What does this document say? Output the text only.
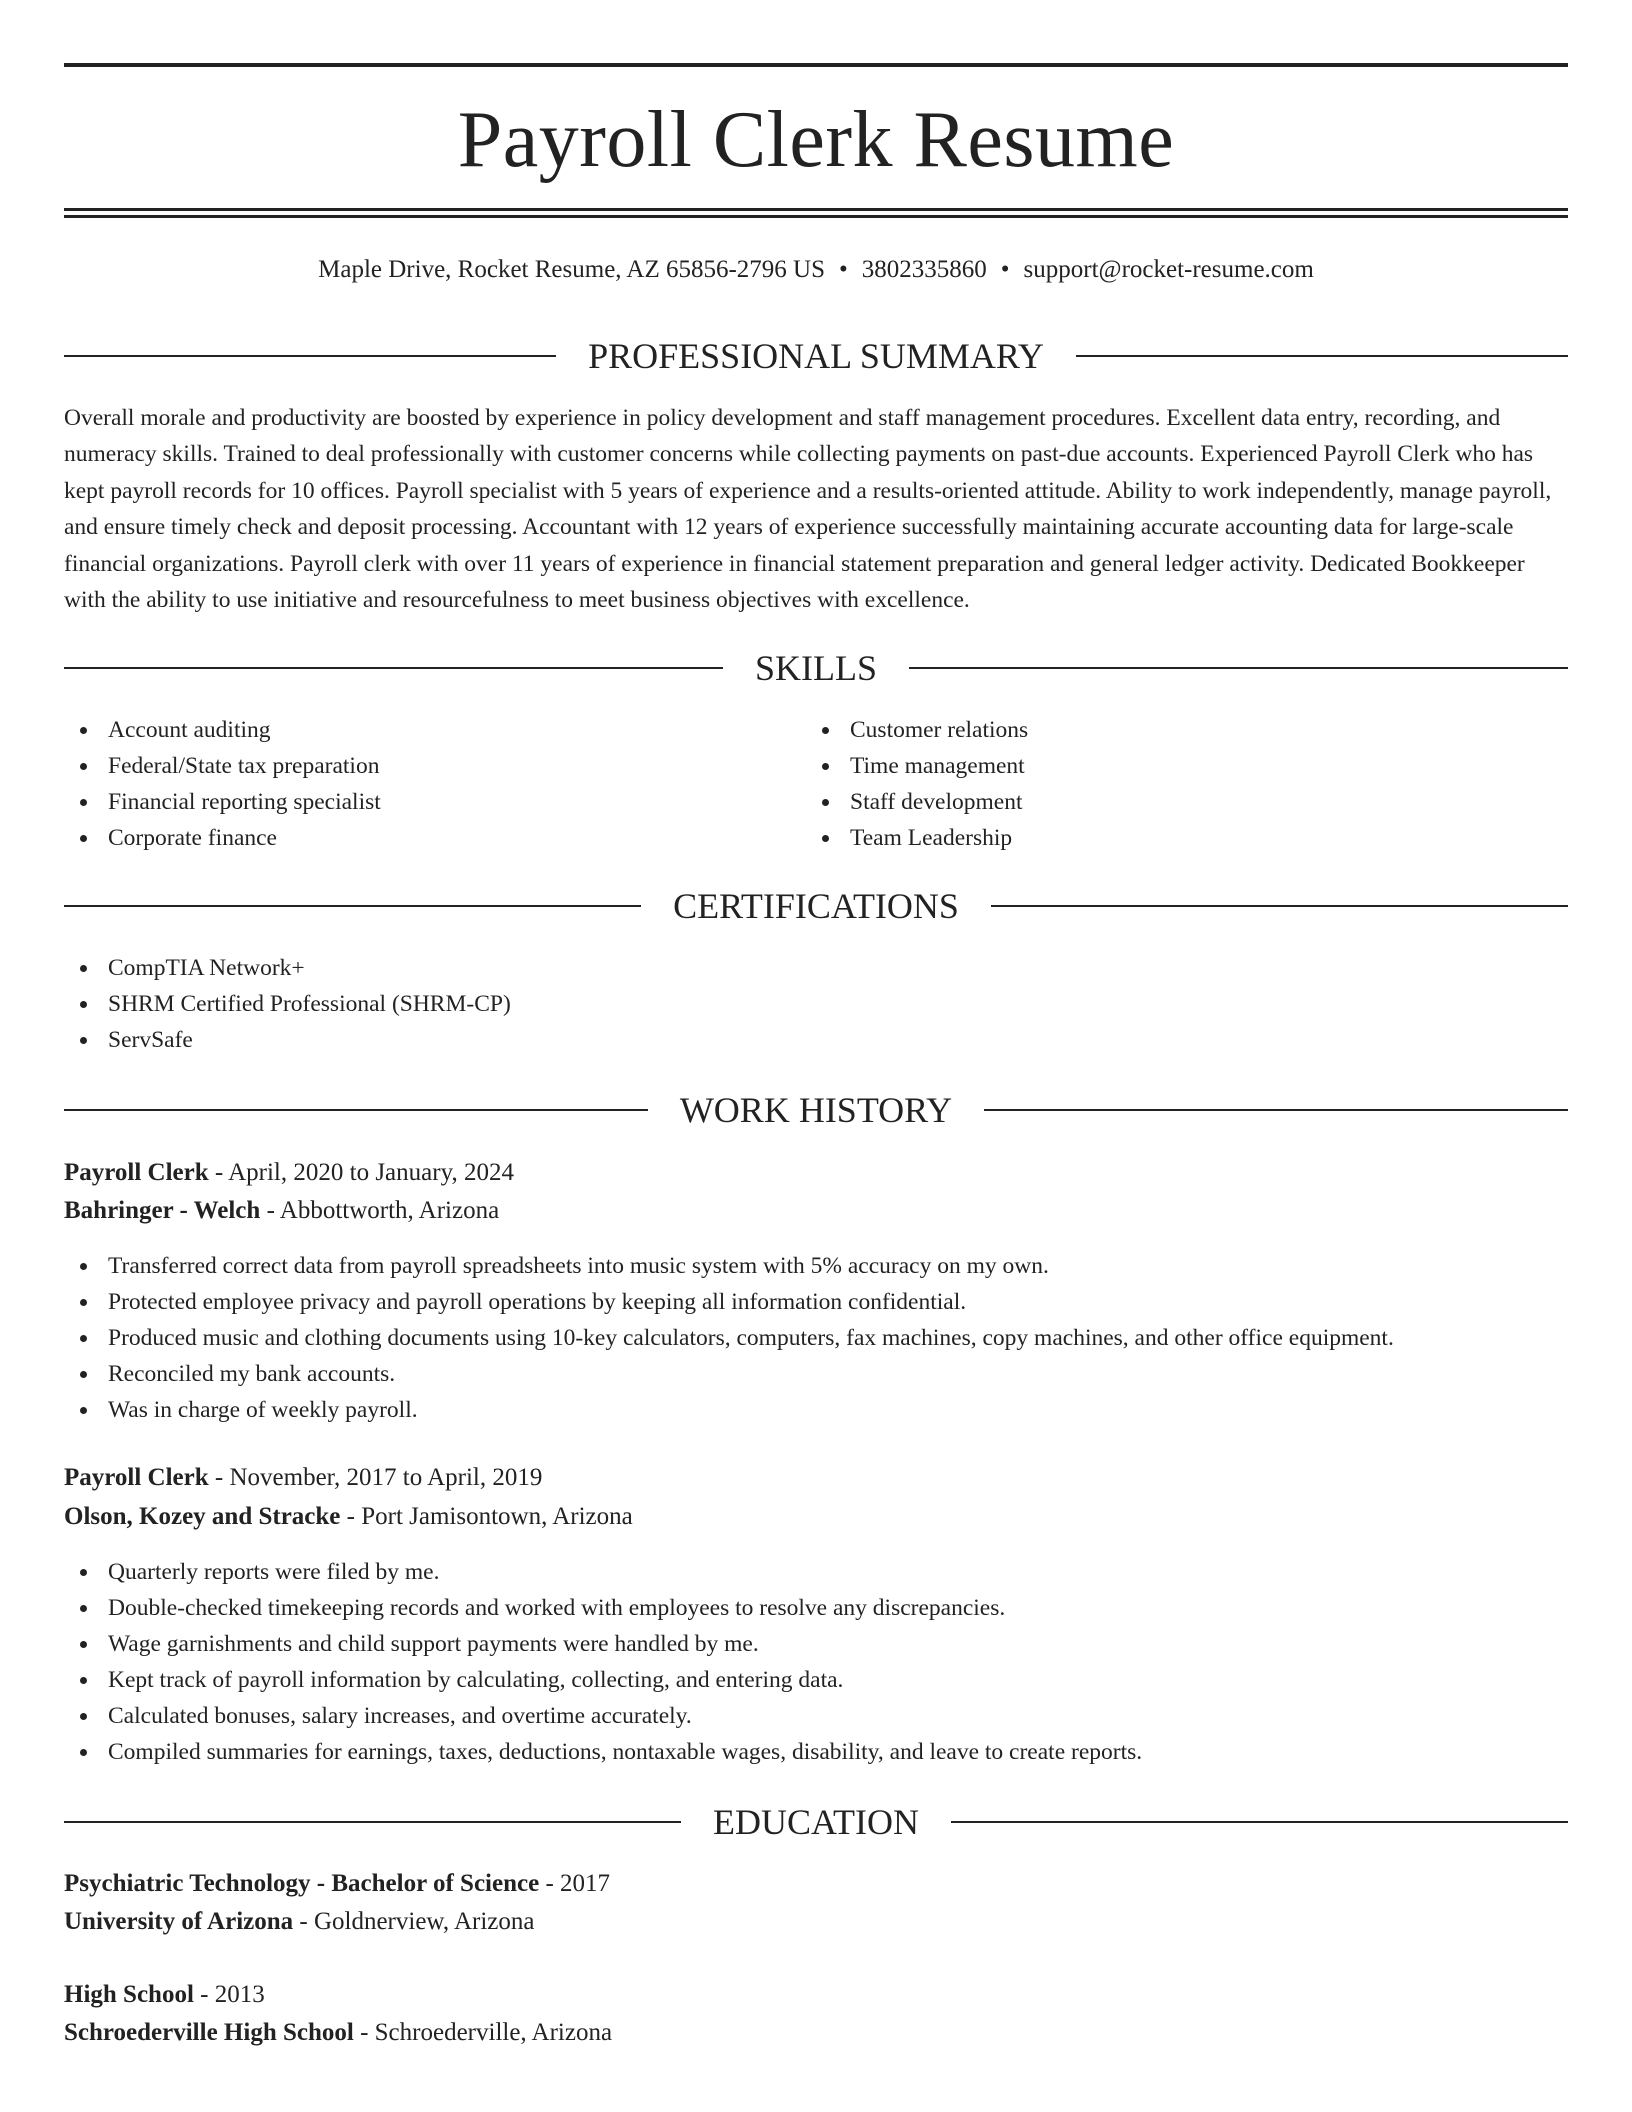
Payroll Clerk Resume
Maple Drive, Rocket Resume, AZ 65856-2796 US • 3802335860 • support@rocket-resume.com
PROFESSIONAL SUMMARY

Overall morale and productivity are boosted by experience in policy development and staff management procedures. Excellent data entry, recording, and numeracy skills. Trained to deal professionally with customer concerns while collecting payments on past-due accounts. Experienced Payroll Clerk who has kept payroll records for 10 offices. Payroll specialist with 5 years of experience and a results-oriented attitude. Ability to work independently, manage payroll, and ensure timely check and deposit processing. Accountant with 12 years of experience successfully maintaining accurate accounting data for large-scale financial organizations. Payroll clerk with over 11 years of experience in financial statement preparation and general ledger activity. Dedicated Bookkeeper with the ability to use initiative and resourcefulness to meet business objectives with excellence.

SKILLS
Account auditing
Federal/State tax preparation
Financial reporting specialist
Corporate finance
Customer relations
Time management
Staff development
Team Leadership
CERTIFICATIONS
CompTIA Network+
SHRM Certified Professional (SHRM-CP)
ServSafe
WORK HISTORY
Payroll Clerk - April, 2020 to January, 2024
Bahringer - Welch - Abbottworth, Arizona
Transferred correct data from payroll spreadsheets into music system with 5% accuracy on my own.
Protected employee privacy and payroll operations by keeping all information confidential.
Produced music and clothing documents using 10-key calculators, computers, fax machines, copy machines, and other office equipment.
Reconciled my bank accounts.
Was in charge of weekly payroll.
Payroll Clerk - November, 2017 to April, 2019
Olson, Kozey and Stracke - Port Jamisontown, Arizona
Quarterly reports were filed by me.
Double-checked timekeeping records and worked with employees to resolve any discrepancies.
Wage garnishments and child support payments were handled by me.
Kept track of payroll information by calculating, collecting, and entering data.
Calculated bonuses, salary increases, and overtime accurately.
Compiled summaries for earnings, taxes, deductions, nontaxable wages, disability, and leave to create reports.
EDUCATION
Psychiatric Technology - Bachelor of Science - 2017
University of Arizona - Goldnerview, Arizona
High School - 2013
Schroederville High School - Schroederville, Arizona
